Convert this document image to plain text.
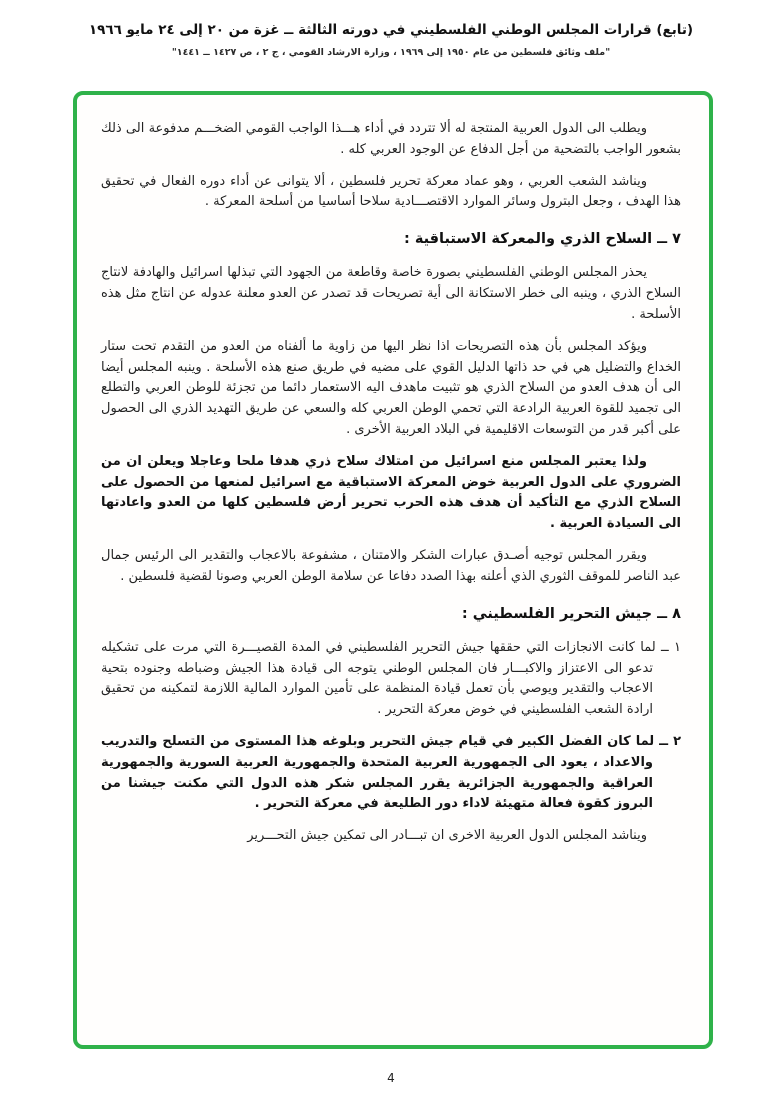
(تابع) قرارات المجلس الوطني الفلسطيني في دورته الثالثة ــ غزة من ٢٠ إلى ٢٤ مايو ١٩٦٦
"ملف وثائق فلسطين من عام ١٩٥٠ إلى ١٩٦٩ ، وزارة الارشاد القومي ، ج ٢ ، ص ١٤٢٧ ــ ١٤٤١"

ويطلب الى الدول العربية المنتجة له ألا تتردد في أداء هـــذا الواجب القومي الضخـــم مدفوعة الى ذلك بشعور الواجب بالتضحية من أجل الدفاع عن الوجود العربي كله .

ويناشد الشعب العربي ، وهو عماد معركة تحرير فلسطين ، ألا يتوانى عن أداء دوره الفعال في تحقيق هذا الهدف ، وجعل البترول وسائر الموارد الاقتصـــادية سلاحا أساسيا من أسلحة المعركة .

٧ ــ السلاح الذري والمعركة الاستباقية :

يحذر المجلس الوطني الفلسطيني بصورة خاصة وقاطعة من الجهود التي تبذلها اسرائيل والهادفة لانتاج السلاح الذري ، وينبه الى خطر الاستكانة الى أية تصريحات قد تصدر عن العدو معلنة عدوله عن انتاج مثل هذه الأسلحة .

ويؤكد المجلس بأن هذه التصريحات اذا نظر اليها من زاوية ما ألفناه من العدو من التقدم تحت ستار الخداع والتضليل هي في حد ذاتها الدليل القوي على مضيه في طريق صنع هذه الأسلحة . وينبه المجلس أيضا الى أن هدف العدو من السلاح الذري هو تثبيت ماهدف اليه الاستعمار دائما من تجزئة للوطن العربي والتطلع الى تجميد للقوة العربية الرادعة التي تحمي الوطن العربي كله والسعي عن طريق التهديد الذري الى الحصول على أكبر قدر من التوسعات الاقليمية في البلاد العربية الأخرى .

ولذا يعتبر المجلس منع اسرائيل من امتلاك سلاح ذري هدفا ملحا وعاجلا ويعلن ان من الضروري على الدول العربية خوض المعركة الاستباقية مع اسرائيل لمنعها من الحصول على السلاح الذري مع التأكيد أن هدف هذه الحرب تحرير أرض فلسطين كلها من العدو واعادتها الى السيادة العربية .

ويقرر المجلس توجيه أصـدق عبارات الشكر والامتنان ، مشفوعة بالاعجاب والتقدير الى الرئيس جمال عبد الناصر للموقف الثوري الذي أعلنه بهذا الصدد دفاعا عن سلامة الوطن العربي وصونا لقضية فلسطين .

٨ ــ جيش التحرير الفلسطيني :

١ ــ لما كانت الانجازات التي حققها جيش التحرير الفلسطيني في المدة القصيـــرة التي مرت على تشكيله تدعو الى الاعتزاز والاكبـــار فان المجلس الوطني يتوجه الى قيادة هذا الجيش وضباطه وجنوده بتحية الاعجاب والتقدير ويوصي بأن تعمل قيادة المنظمة على تأمين الموارد المالية اللازمة لتمكينه من تحقيق ارادة الشعب الفلسطيني في خوض معركة التحرير .

٢ ــ لما كان الفضل الكبير في قيام جيش التحرير وبلوغه هذا المستوى من التسلح والتدريب والاعداد ، يعود الى الجمهورية العربية المتحدة والجمهورية العربية السورية والجمهورية العراقية والجمهورية الجزائرية يقرر المجلس شكر هذه الدول التي مكنت جيشنا من البروز كقوة فعالة متهيئة لاداء دور الطليعة في معركة التحرير .

ويناشد المجلس الدول العربية الاخرى ان تبـــادر الى تمكين جيش التحـــرير

4
